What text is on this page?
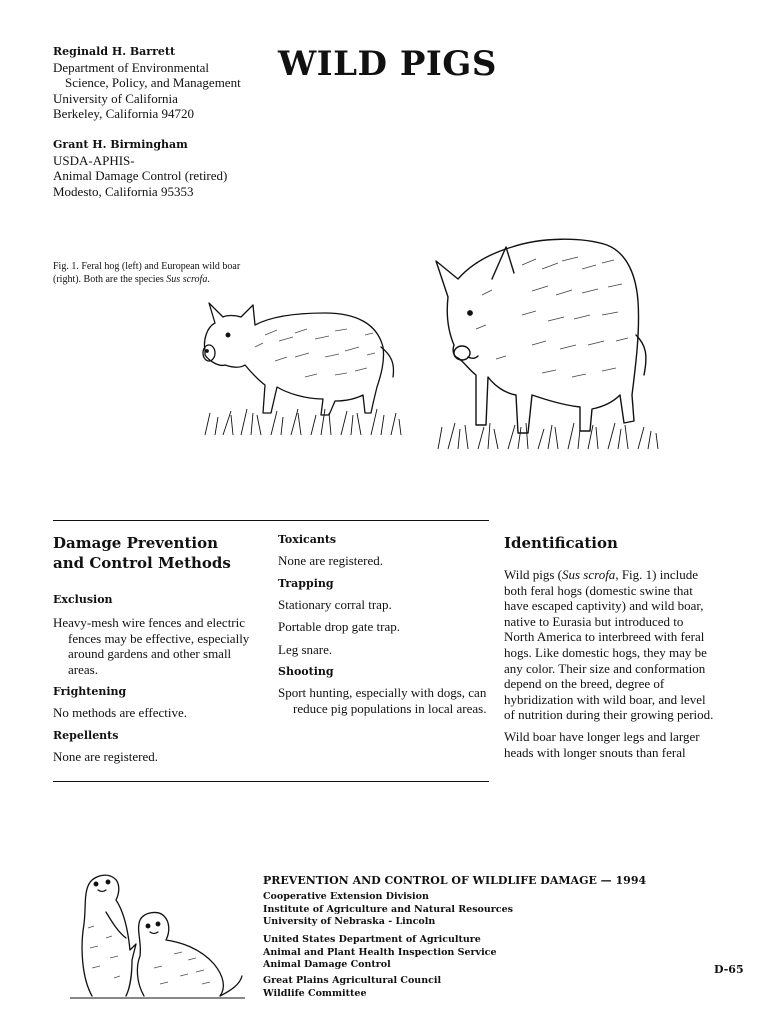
Reginald H. Barrett
Department of Environmental
Science, Policy, and Management
University of California
Berkeley, California 94720
Grant H. Birmingham
USDA-APHIS-
Animal Damage Control (retired)
Modesto, California 95353
WILD PIGS
Fig. 1. Feral hog (left) and European wild boar (right). Both are the species Sus scrofa.
Damage Prevention and Control Methods
Exclusion
Heavy-mesh wire fences and electric fences may be effective, especially around gardens and other small areas.
Frightening
No methods are effective.
Repellents
None are registered.
Toxicants
None are registered.
Trapping
Stationary corral trap.
Portable drop gate trap.
Leg snare.
Shooting
Sport hunting, especially with dogs, can reduce pig populations in local areas.
Identification
Wild pigs (Sus scrofa, Fig. 1) include both feral hogs (domestic swine that have escaped captivity) and wild boar, native to Eurasia but introduced to North America to interbreed with feral hogs. Like domestic hogs, they may be any color. Their size and conformation depend on the breed, degree of hybridization with wild boar, and level of nutrition during their growing period.
Wild boar have longer legs and larger heads with longer snouts than feral
PREVENTION AND CONTROL OF WILDLIFE DAMAGE — 1994
Cooperative Extension Division
Institute of Agriculture and Natural Resources
University of Nebraska - Lincoln
United States Department of Agriculture
Animal and Plant Health Inspection Service
Animal Damage Control
Great Plains Agricultural Council
Wildlife Committee
D-65
